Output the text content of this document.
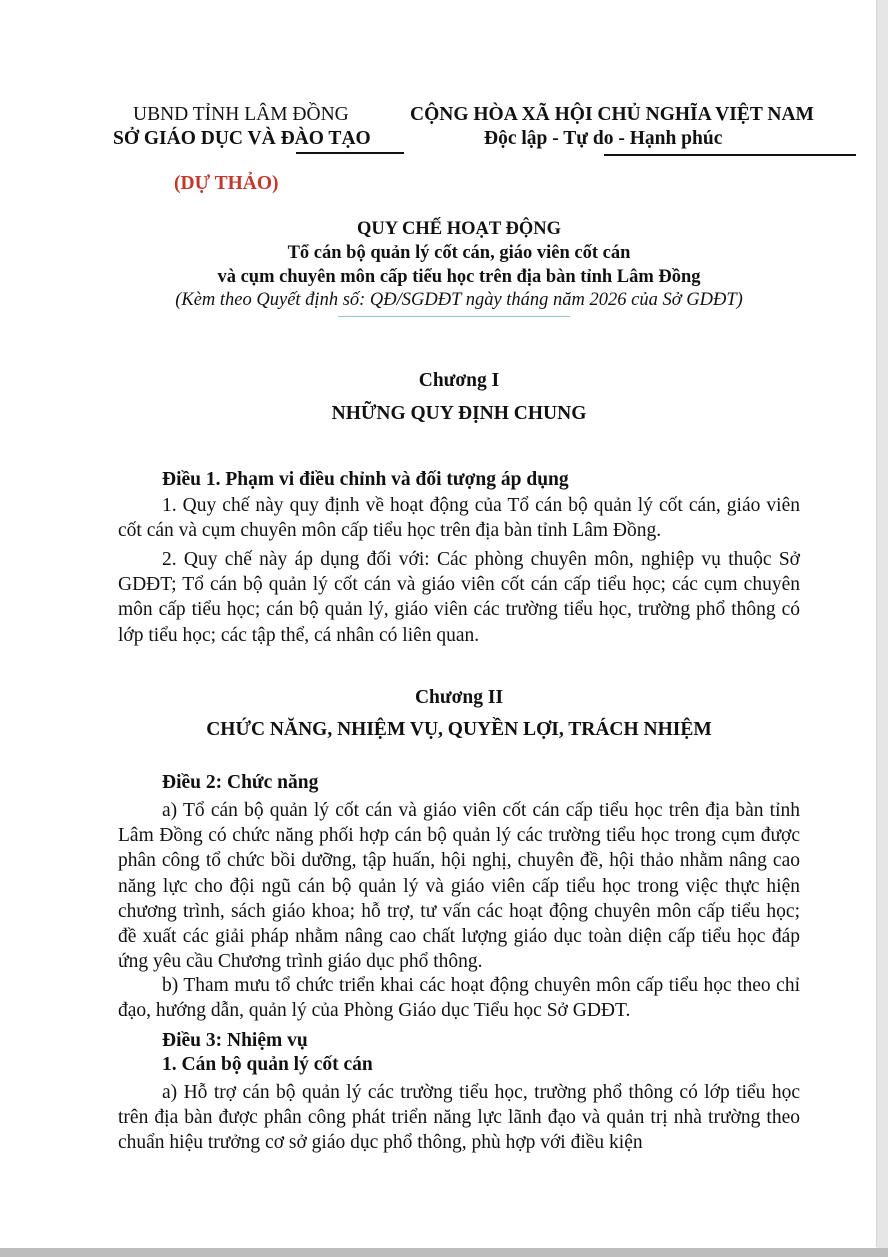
UBND TỈNH LÂM ĐỒNG
SỞ GIÁO DỤC VÀ ĐÀO TẠO
CỘNG HÒA XÃ HỘI CHỦ NGHĨA VIỆT NAM
Độc lập - Tự do - Hạnh phúc
(DỰ THẢO)
QUY CHẾ HOẠT ĐỘNG
Tổ cán bộ quản lý cốt cán, giáo viên cốt cán
và cụm chuyên môn cấp tiểu học trên địa bàn tỉnh Lâm Đồng
(Kèm theo Quyết định số: QĐ/SGDĐT ngày tháng năm 2026 của Sở GDĐT)
Chương I
NHỮNG QUY ĐỊNH CHUNG
Điều 1. Phạm vi điều chỉnh và đối tượng áp dụng
1. Quy chế này quy định về hoạt động của Tổ cán bộ quản lý cốt cán, giáo viên cốt cán và cụm chuyên môn cấp tiểu học trên địa bàn tỉnh Lâm Đồng.
2. Quy chế này áp dụng đối với: Các phòng chuyên môn, nghiệp vụ thuộc Sở GDĐT; Tổ cán bộ quản lý cốt cán và giáo viên cốt cán cấp tiểu học; các cụm chuyên môn cấp tiểu học; cán bộ quản lý, giáo viên các trường tiểu học, trường phổ thông có lớp tiểu học; các tập thể, cá nhân có liên quan.
Chương II
CHỨC NĂNG, NHIỆM VỤ, QUYỀN LỢI, TRÁCH NHIỆM
Điều 2: Chức năng
a) Tổ cán bộ quản lý cốt cán và giáo viên cốt cán cấp tiểu học trên địa bàn tỉnh Lâm Đồng có chức năng phối hợp cán bộ quản lý các trường tiểu học trong cụm được phân công tổ chức bồi dưỡng, tập huấn, hội nghị, chuyên đề, hội thảo nhằm nâng cao năng lực cho đội ngũ cán bộ quản lý và giáo viên cấp tiểu học trong việc thực hiện chương trình, sách giáo khoa; hỗ trợ, tư vấn các hoạt động chuyên môn cấp tiểu học; đề xuất các giải pháp nhằm nâng cao chất lượng giáo dục toàn diện cấp tiểu học đáp ứng yêu cầu Chương trình giáo dục phổ thông.
b) Tham mưu tổ chức triển khai các hoạt động chuyên môn cấp tiểu học theo chỉ đạo, hướng dẫn, quản lý của Phòng Giáo dục Tiểu học Sở GDĐT.
Điều 3: Nhiệm vụ
1. Cán bộ quản lý cốt cán
a) Hỗ trợ cán bộ quản lý các trường tiểu học, trường phổ thông có lớp tiểu học trên địa bàn được phân công phát triển năng lực lãnh đạo và quản trị nhà trường theo chuẩn hiệu trưởng cơ sở giáo dục phổ thông, phù hợp với điều kiện
